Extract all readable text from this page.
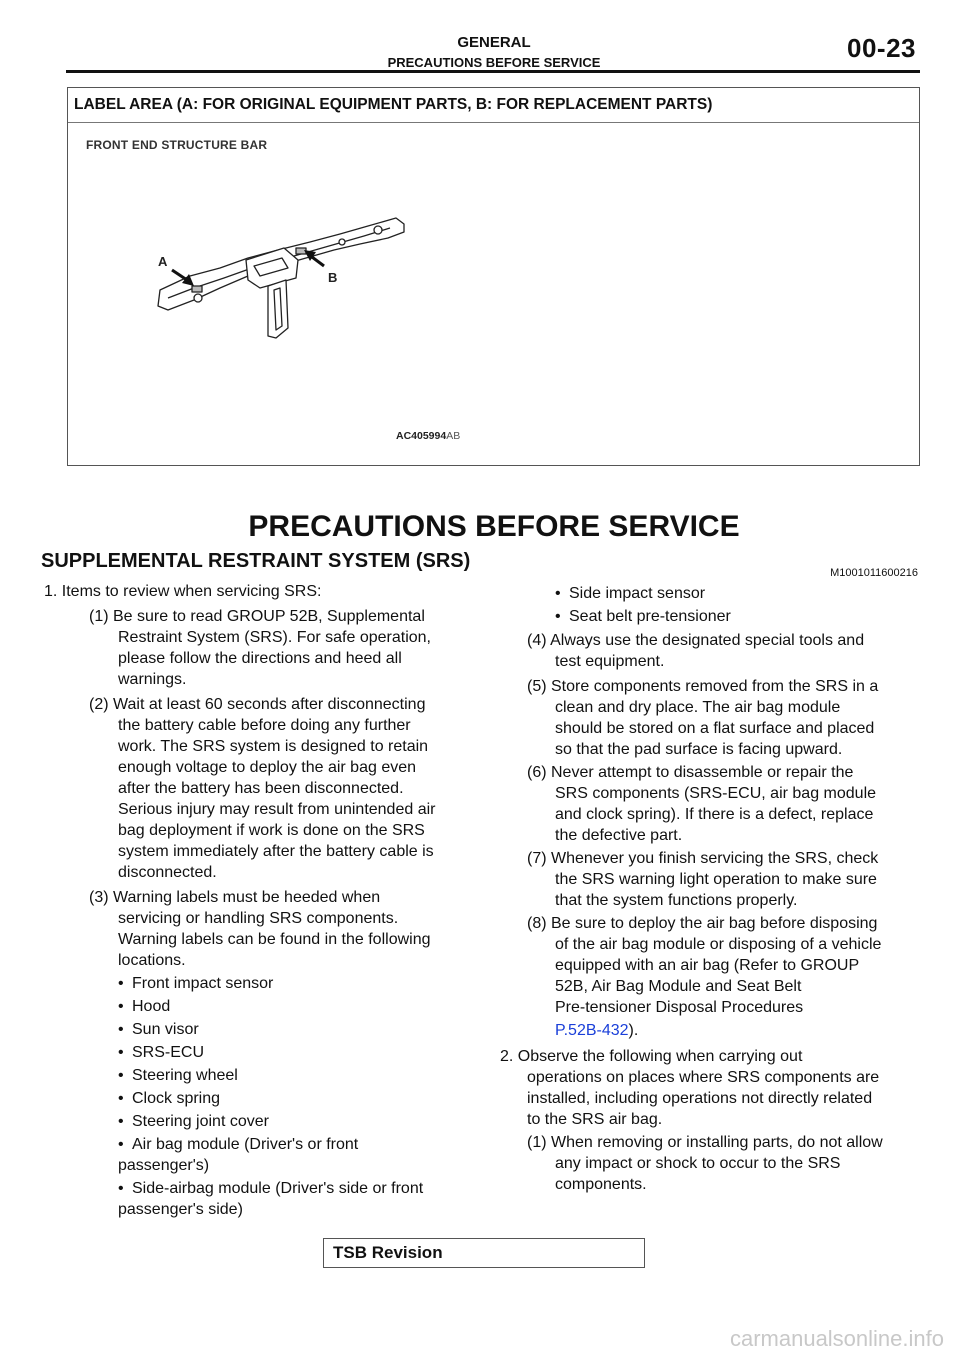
GENERAL
PRECAUTIONS BEFORE SERVICE	00-23
LABEL AREA (A: FOR ORIGINAL EQUIPMENT PARTS, B: FOR REPLACEMENT PARTS)
FRONT END STRUCTURE BAR
A
B
AC405994AB
PRECAUTIONS BEFORE SERVICE
SUPPLEMENTAL RESTRAINT SYSTEM (SRS)
M1001011600216
1. Items to review when servicing SRS:
(1) Be sure to read GROUP 52B, Supplemental
Restraint System (SRS). For safe operation,
please follow the directions and heed all
warnings.
(2) Wait at least 60 seconds after disconnecting
the battery cable before doing any further
work. The SRS system is designed to retain
enough voltage to deploy the air bag even
after the battery has been disconnected.
Serious injury may result from unintended air
bag deployment if work is done on the SRS
system immediately after the battery cable is
disconnected.
(3) Warning labels must be heeded when
servicing or handling SRS components.
Warning labels can be found in the following
locations.
• Front impact sensor
• Hood
• Sun visor
• SRS-ECU
• Steering wheel
• Clock spring
• Steering joint cover
• Air bag module (Driver's or front
passenger's)
• Side-airbag module (Driver's side or front
passenger's side)
• Side impact sensor
• Seat belt pre-tensioner
(4) Always use the designated special tools and
test equipment.
(5) Store components removed from the SRS in a
clean and dry place. The air bag module
should be stored on a flat surface and placed
so that the pad surface is facing upward.
(6) Never attempt to disassemble or repair the
SRS components (SRS-ECU, air bag module
and clock spring). If there is a defect, replace
the defective part.
(7) Whenever you finish servicing the SRS, check
the SRS warning light operation to make sure
that the system functions properly.
(8) Be sure to deploy the air bag before disposing
of the air bag module or disposing of a vehicle
equipped with an air bag (Refer to GROUP
52B, Air Bag Module and Seat Belt
Pre-tensioner Disposal Procedures
P.52B-432).
2. Observe the following when carrying out
operations on places where SRS components are
installed, including operations not directly related
to the SRS air bag.
(1) When removing or installing parts, do not allow
any impact or shock to occur to the SRS
components.
TSB Revision
carmanualsonline.info
